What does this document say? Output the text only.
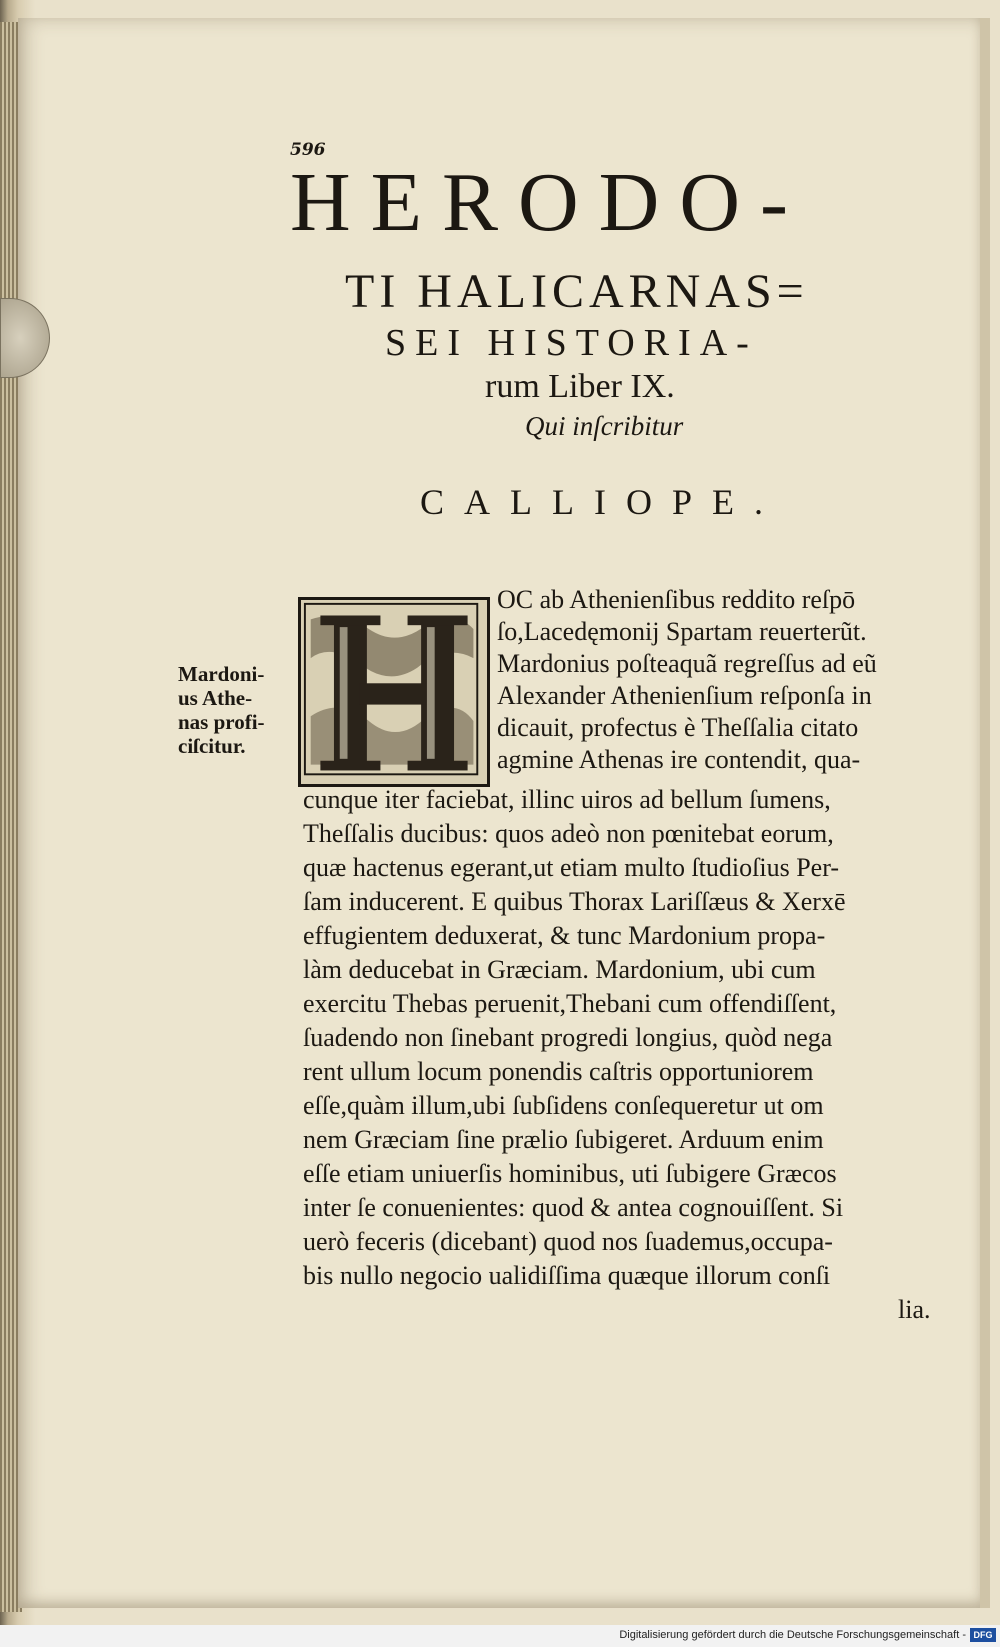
596
HERODO-
TI HALICARNAS=
SEI HISTORIA-
rum Liber IX.
Qui inſcribitur
CALLIOPE.
Mardoni-
us Athe-
nas profi-
ciſcitur.
OC ab Athenienſibus reddito reſpō
ſo,Lacedęmonij Spartam reuerterũt.
Mardonius poſteaquã regreſſus ad eũ
Alexander Athenienſium reſponſa in
dicauit, profectus è Theſſalia citato
agmine Athenas ire contendit, qua-
cunque iter faciebat, illinc uiros ad bellum ſumens,
Theſſalis ducibus: quos adeò non pœnitebat eorum,
quæ hactenus egerant,ut etiam multo ſtudioſius Per-
ſam inducerent. E quibus Thorax Lariſſæus & Xerxē
effugientem deduxerat, & tunc Mardonium propa-
làm deducebat in Græciam. Mardonium, ubi cum
exercitu Thebas peruenit,Thebani cum offendiſſent,
ſuadendo non ſinebant progredi longius, quòd nega
rent ullum locum ponendis caſtris opportuniorem
eſſe,quàm illum,ubi ſubſidens conſequeretur ut om
nem Græciam ſine prælio ſubigeret. Arduum enim
eſſe etiam uniuerſis hominibus, uti ſubigere Græcos
inter ſe conuenientes: quod & antea cognouiſſent. Si
uerò feceris (dicebant) quod nos ſuademus,occupa-
bis nullo negocio ualidiſſima quæque illorum conſi
lia.
Digitalisierung gefördert durch die Deutsche Forschungsgemeinschaft - DFG
